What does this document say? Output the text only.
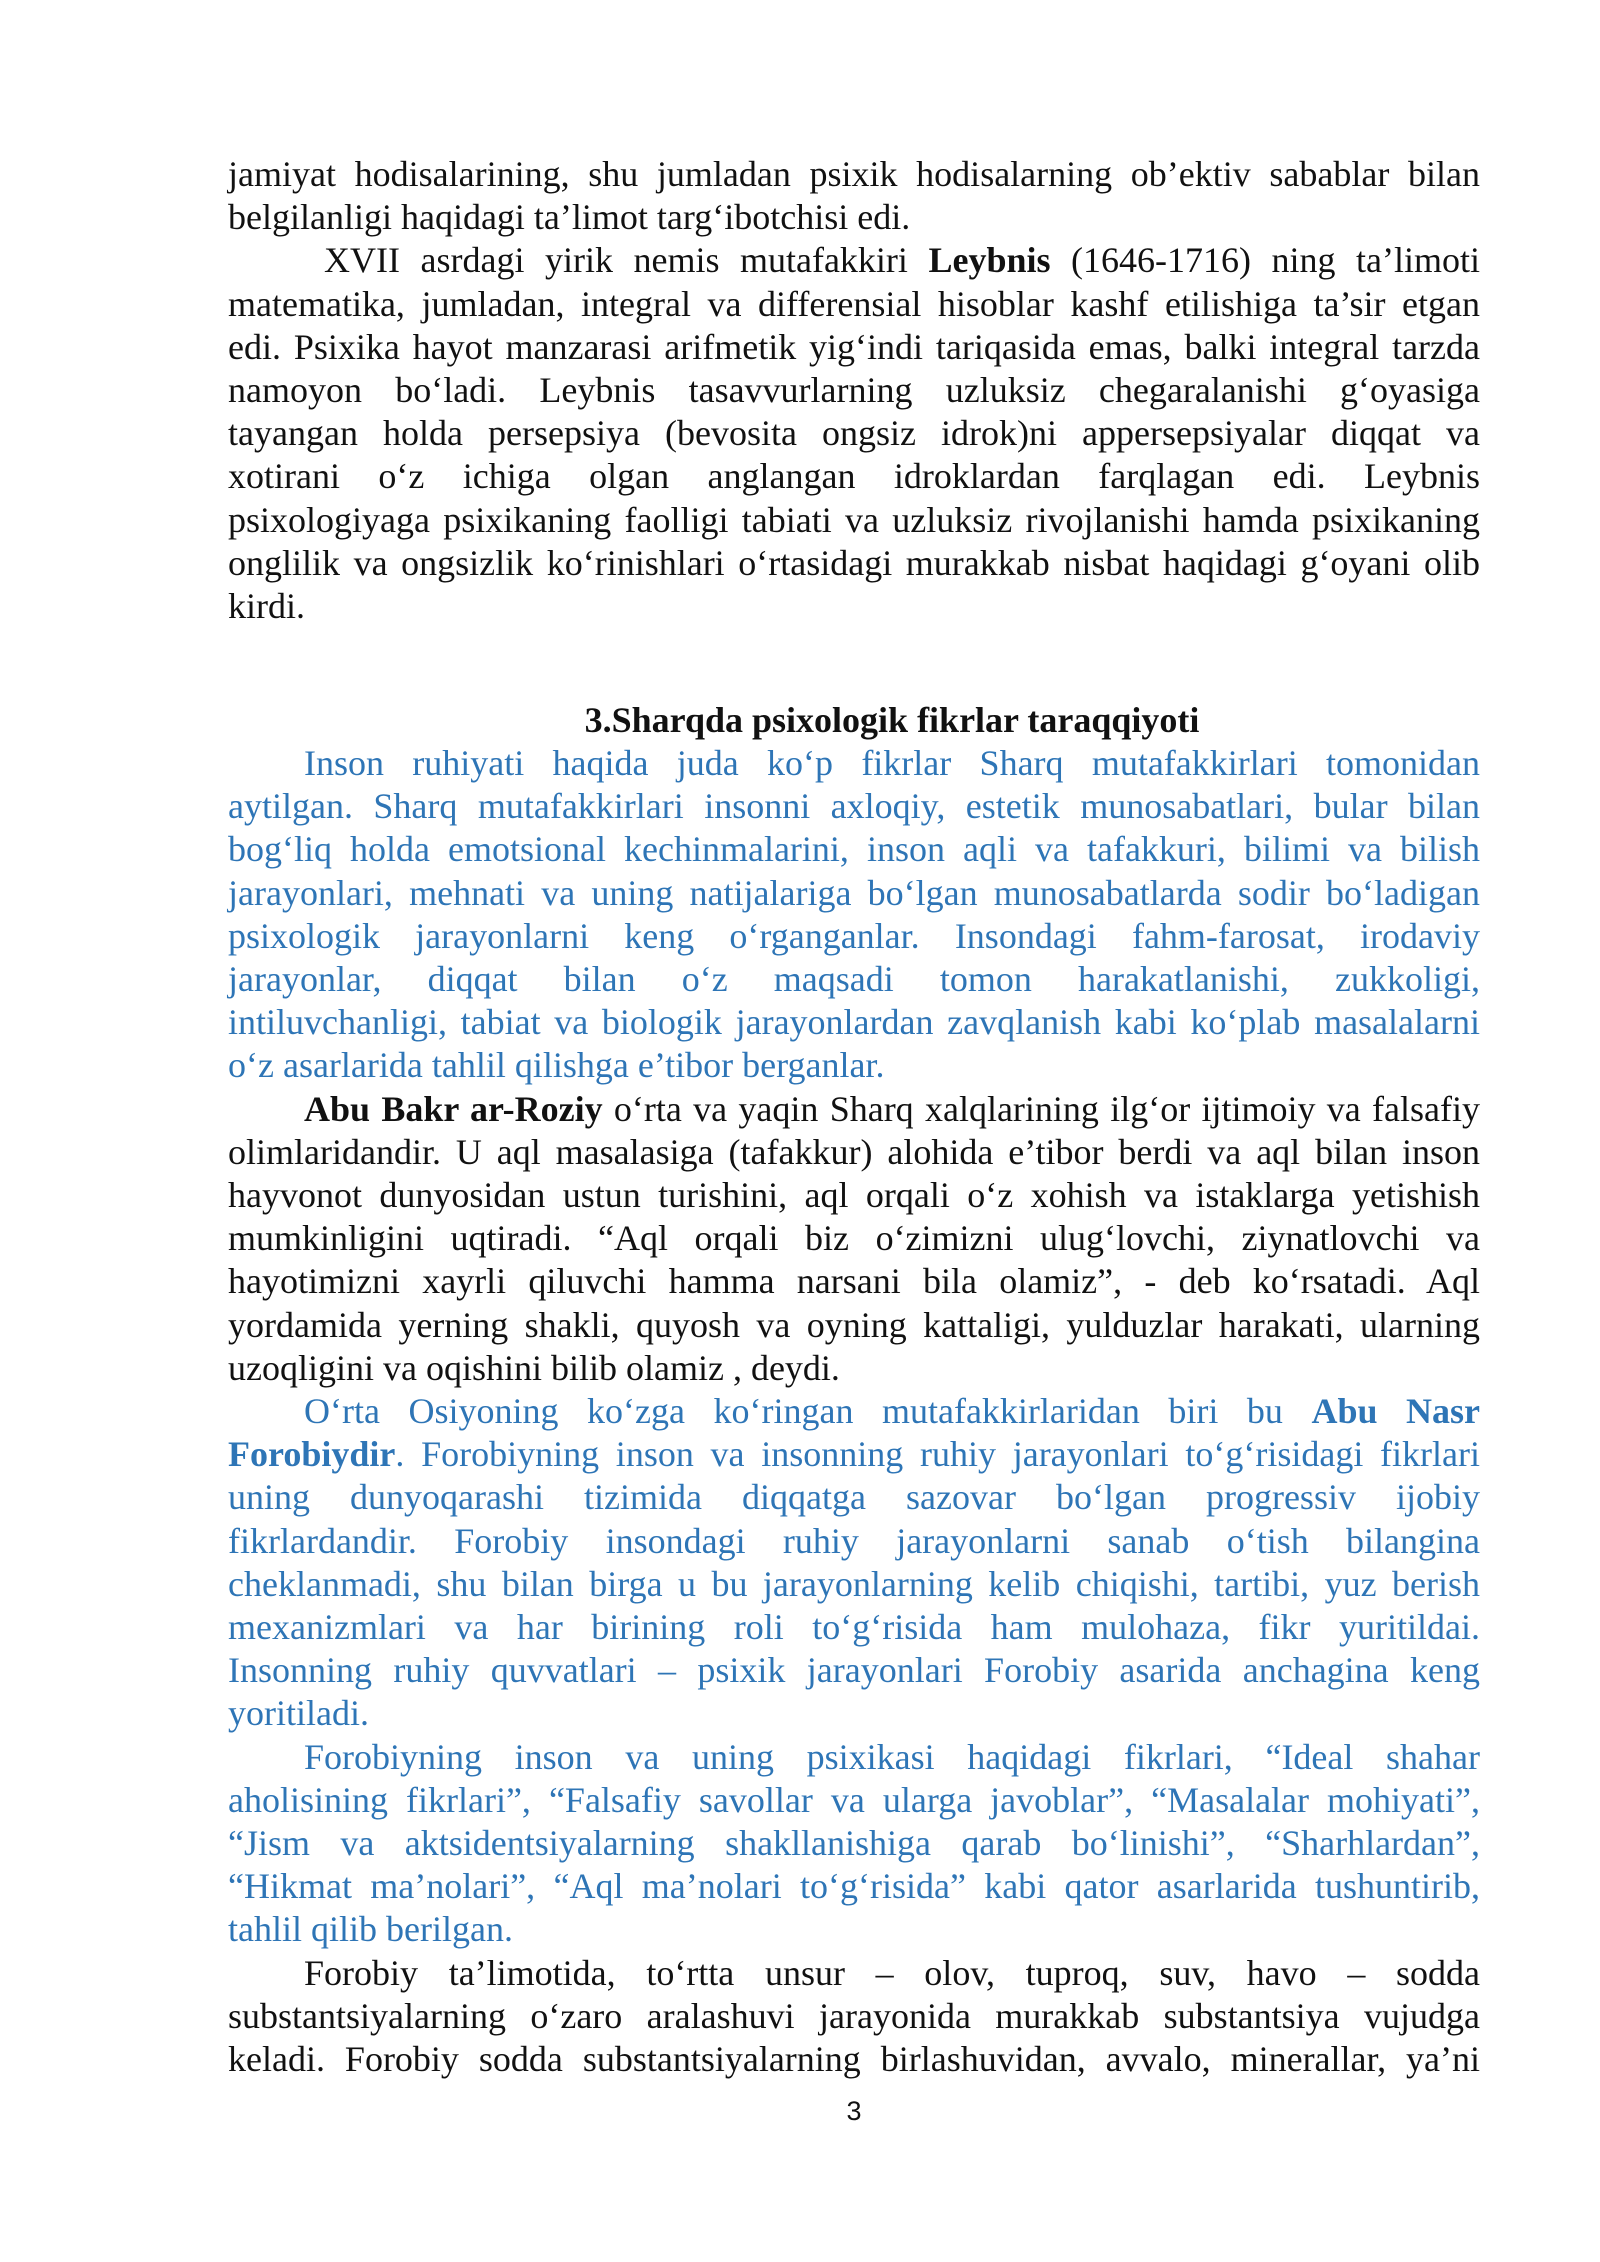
jamiyat hodisalarining, shu jumladan psixik hodisalarning ob’ektiv sabablar bilan
belgilanligi haqidagi ta’limot targ‘ibotchisi edi.
XVII asrdagi yirik nemis mutafakkiri Leybnis (1646-1716) ning ta’limoti
matematika, jumladan, integral va differensial hisoblar kashf etilishiga ta’sir etgan
edi. Psixika hayot manzarasi arifmetik yig‘indi tariqasida emas, balki integral tarzda
namoyon bo‘ladi. Leybnis tasavvurlarning uzluksiz chegaralanishi g‘oyasiga
tayangan holda persepsiya (bevosita ongsiz idrok)ni appersepsiyalar diqqat va
xotirani o‘z ichiga olgan anglangan idroklardan farqlagan edi. Leybnis
psixologiyaga psixikaning faolligi tabiati va uzluksiz rivojlanishi hamda psixikaning
onglilik va ongsizlik ko‘rinishlari o‘rtasidagi murakkab nisbat haqidagi g‘oyani olib
kirdi.
3.Sharqda psixologik fikrlar taraqqiyoti
Inson ruhiyati haqida juda ko‘p fikrlar Sharq mutafakkirlari tomonidan
aytilgan. Sharq mutafakkirlari insonni axloqiy, estetik munosabatlari, bular bilan
bog‘liq holda emotsional kechinmalarini, inson aqli va tafakkuri, bilimi va bilish
jarayonlari, mehnati va uning natijalariga bo‘lgan munosabatlarda sodir bo‘ladigan
psixologik jarayonlarni keng o‘rganganlar. Insondagi fahm-farosat, irodaviy
jarayonlar, diqqat bilan o‘z maqsadi tomon harakatlanishi, zukkoligi,
intiluvchanligi, tabiat va biologik jarayonlardan zavqlanish kabi ko‘plab masalalarni
o‘z asarlarida tahlil qilishga e’tibor berganlar.
Abu Bakr ar-Roziy o‘rta va yaqin Sharq xalqlarining ilg‘or ijtimoiy va falsafiy
olimlaridandir. U aql masalasiga (tafakkur) alohida e’tibor berdi va aql bilan inson
hayvonot dunyosidan ustun turishini, aql orqali o‘z xohish va istaklarga yetishish
mumkinligini uqtiradi. “Aql orqali biz o‘zimizni ulug‘lovchi, ziynatlovchi va
hayotimizni xayrli qiluvchi hamma narsani bila olamiz”, - deb ko‘rsatadi. Aql
yordamida yerning shakli, quyosh va oyning kattaligi, yulduzlar harakati, ularning
uzoqligini va oqishini bilib olamiz , deydi.
O‘rta Osiyoning ko‘zga ko‘ringan mutafakkirlaridan biri bu Abu Nasr
Forobiydir. Forobiyning inson va insonning ruhiy jarayonlari to‘g‘risidagi fikrlari
uning dunyoqarashi tizimida diqqatga sazovar bo‘lgan progressiv ijobiy
fikrlardandir. Forobiy insondagi ruhiy jarayonlarni sanab o‘tish bilangina
cheklanmadi, shu bilan birga u bu jarayonlarning kelib chiqishi, tartibi, yuz berish
mexanizmlari va har birining roli to‘g‘risida ham mulohaza, fikr yuritildai.
Insonning ruhiy quvvatlari – psixik jarayonlari Forobiy asarida anchagina keng
yoritiladi.
Forobiyning inson va uning psixikasi haqidagi fikrlari, “Ideal shahar
aholisining fikrlari”, “Falsafiy savollar va ularga javoblar”, “Masalalar mohiyati”,
“Jism va aktsidentsiyalarning shakllanishiga qarab bo‘linishi”, “Sharhlardan”,
“Hikmat ma’nolari”, “Aql ma’nolari to‘g‘risida” kabi qator asarlarida tushuntirib,
tahlil qilib berilgan.
Forobiy ta’limotida, to‘rtta unsur – olov, tuproq, suv, havo – sodda
substantsiyalarning o‘zaro aralashuvi jarayonida murakkab substantsiya vujudga
keladi. Forobiy sodda substantsiyalarning birlashuvidan, avvalo, minerallar, ya’ni
3
